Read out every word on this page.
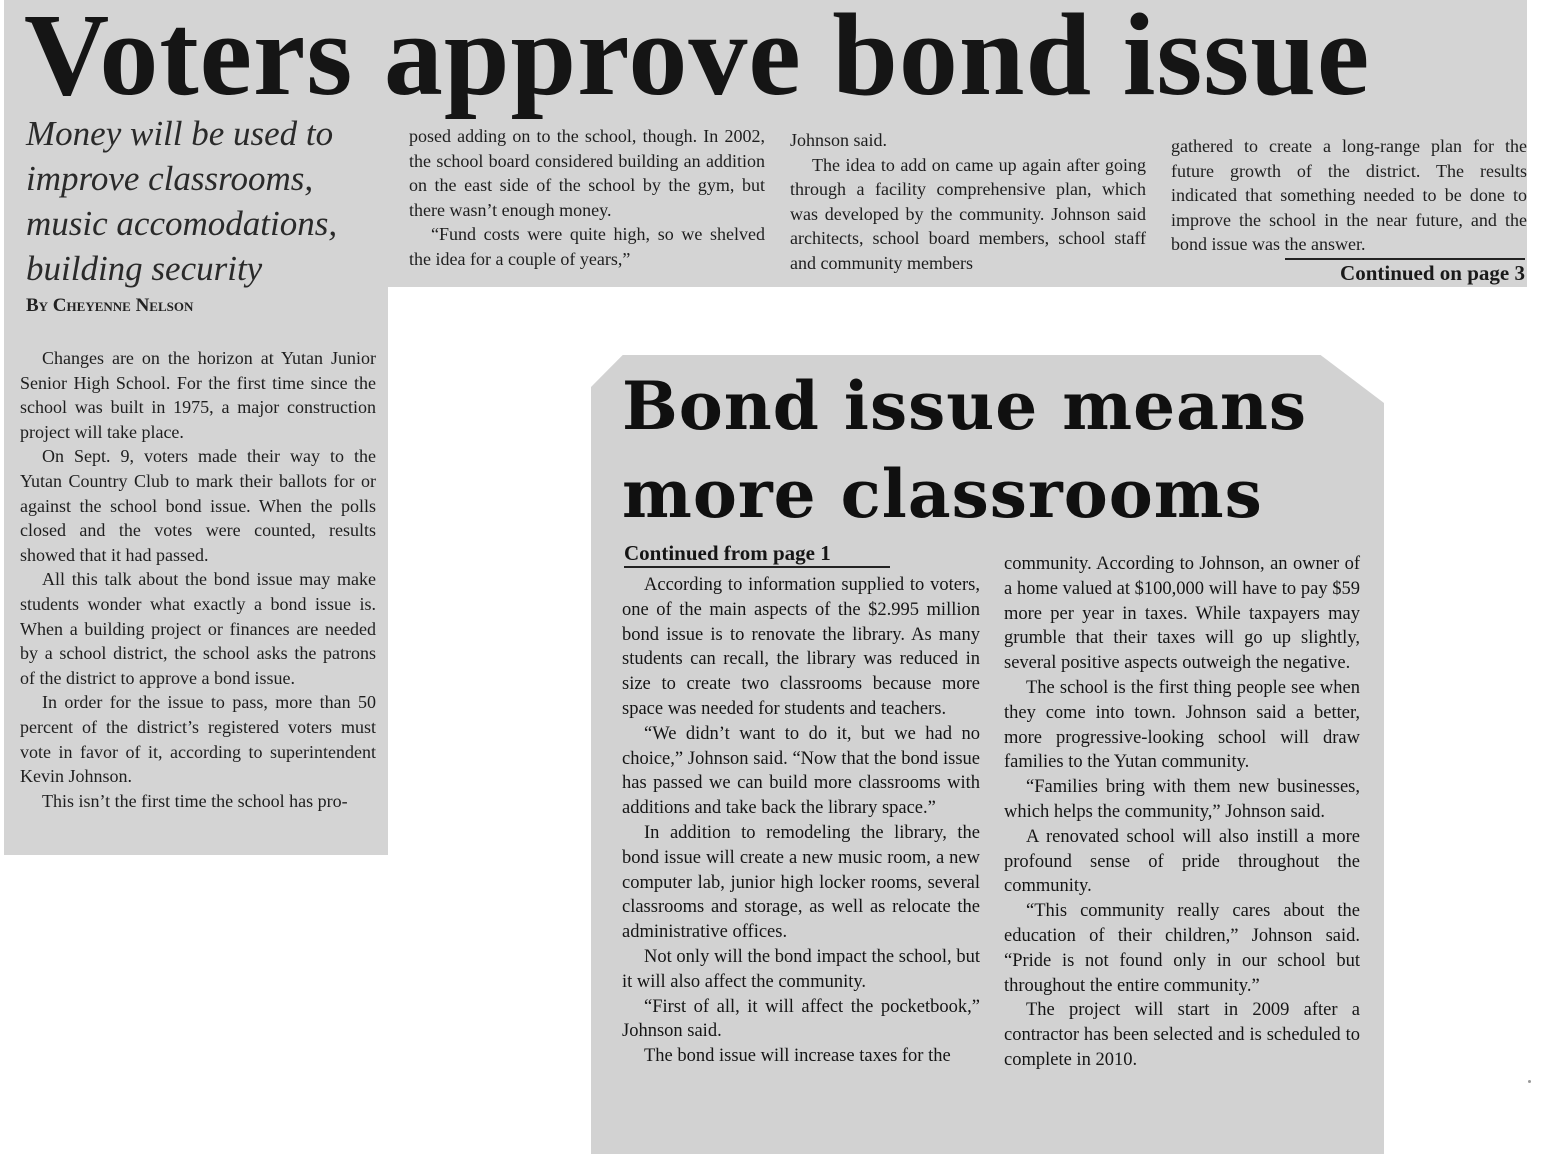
Voters approve bond issue
Money will be used to improve classrooms, music accomodations, building security
By Cheyenne Nelson

Changes are on the horizon at Yutan Junior Senior High School. For the first time since the school was built in 1975, a major construction project will take place.

On Sept. 9, voters made their way to the Yutan Country Club to mark their ballots for or against the school bond issue. When the polls closed and the votes were counted, results showed that it had passed.

All this talk about the bond issue may make students wonder what exactly a bond issue is. When a building project or finances are needed by a school district, the school asks the patrons of the district to approve a bond issue.

In order for the issue to pass, more than 50 percent of the district’s registered voters must vote in favor of it, according to superintendent Kevin Johnson.

This isn’t the first time the school has pro-

posed adding on to the school, though. In 2002, the school board considered building an addition on the east side of the school by the gym, but there wasn’t enough money.

“Fund costs were quite high, so we shelved the idea for a couple of years,”

Johnson said.

The idea to add on came up again after going through a facility comprehensive plan, which was developed by the community. Johnson said architects, school board members, school staff and community members

gathered to create a long-range plan for the future growth of the district. The results indicated that something needed to be done to improve the school in the near future, and the bond issue was the answer.

Continued on page 3
Bond issue means
more classrooms
Continued from page 1

According to information supplied to voters, one of the main aspects of the $2.995 million bond issue is to renovate the library. As many students can recall, the library was reduced in size to create two classrooms because more space was needed for students and teachers.

“We didn’t want to do it, but we had no choice,” Johnson said. “Now that the bond issue has passed we can build more classrooms with additions and take back the library space.”

In addition to remodeling the library, the bond issue will create a new music room, a new computer lab, junior high locker rooms, several classrooms and storage, as well as relocate the administrative offices.

Not only will the bond impact the school, but it will also affect the community.

“First of all, it will affect the pocketbook,” Johnson said.

The bond issue will increase taxes for the

community. According to Johnson, an owner of a home valued at $100,000 will have to pay $59 more per year in taxes. While taxpayers may grumble that their taxes will go up slightly, several positive aspects outweigh the negative.

The school is the first thing people see when they come into town. Johnson said a better, more progressive-looking school will draw families to the Yutan community.

“Families bring with them new businesses, which helps the community,” Johnson said.

A renovated school will also instill a more profound sense of pride throughout the community.

“This community really cares about the education of their children,” Johnson said. “Pride is not found only in our school but throughout the entire community.”

The project will start in 2009 after a contractor has been selected and is scheduled to complete in 2010.
